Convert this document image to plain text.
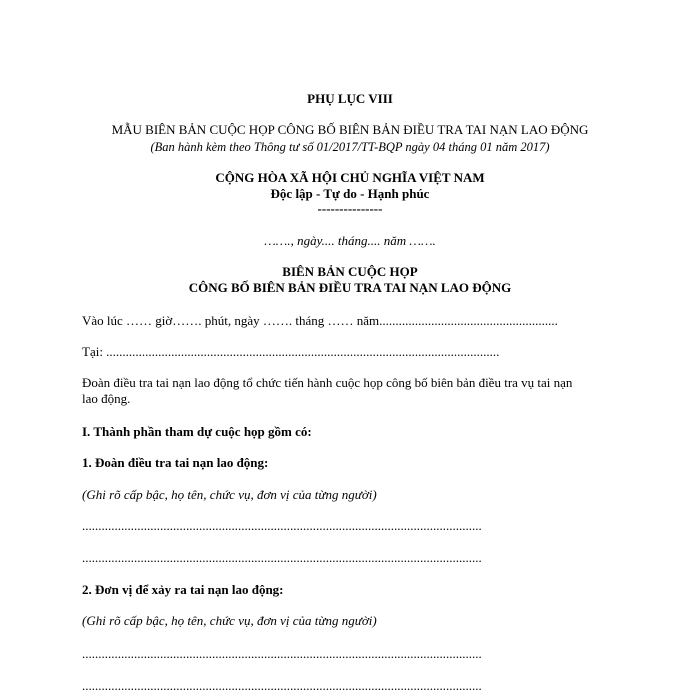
PHỤ LỤC VIII
MẪU BIÊN BẢN CUỘC HỌP CÔNG BỐ BIÊN BẢN ĐIỀU TRA TAI NẠN LAO ĐỘNG
(Ban hành kèm theo Thông tư số 01/2017/TT-BQP ngày 04 tháng 01 năm 2017)
CỘNG HÒA XÃ HỘI CHỦ NGHĨA VIỆT NAM
Độc lập - Tự do - Hạnh phúc
---------------
……., ngày.... tháng.... năm …….
BIÊN BẢN CUỘC HỌP
CÔNG BỐ BIÊN BẢN ĐIỀU TRA TAI NẠN LAO ĐỘNG
Vào lúc …… giờ……. phút, ngày ……. tháng …… năm.......................................................
Tại: .........................................................................................................................
Đoàn điều tra tai nạn lao động tổ chức tiến hành cuộc họp công bố biên bản điều tra vụ tai nạn
lao động.
I. Thành phần tham dự cuộc họp gồm có:
1. Đoàn điều tra tai nạn lao động:
(Ghi rõ cấp bậc, họ tên, chức vụ, đơn vị của từng người)
...........................................................................................................................
...........................................................................................................................
2. Đơn vị để xảy ra tai nạn lao động:
(Ghi rõ cấp bậc, họ tên, chức vụ, đơn vị của từng người)
...........................................................................................................................
...........................................................................................................................
